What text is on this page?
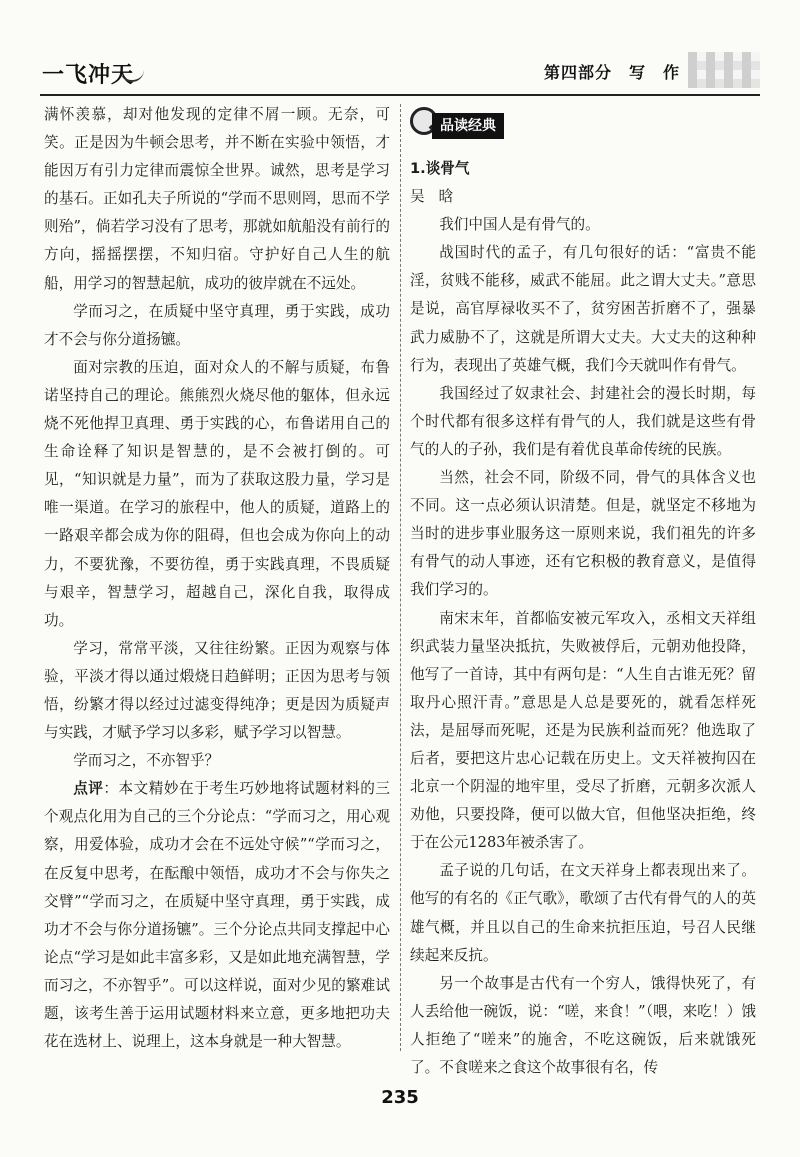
一飞冲天	第四部分　写　作

满怀羡慕，却对他发现的定律不屑一顾。无奈，可笑。正是因为牛顿会思考，并不断在实验中领悟，才能因万有引力定律而震惊全世界。诚然，思考是学习的基石。正如孔夫子所说的“学而不思则罔，思而不学则殆”，倘若学习没有了思考，那就如航船没有前行的方向，摇摇摆摆，不知归宿。守护好自己人生的航船，用学习的智慧起航，成功的彼岸就在不远处。

学而习之，在质疑中坚守真理，勇于实践，成功才不会与你分道扬镳。

面对宗教的压迫，面对众人的不解与质疑，布鲁诺坚持自己的理论。熊熊烈火烧尽他的躯体，但永远烧不死他捍卫真理、勇于实践的心，布鲁诺用自己的生命诠释了知识是智慧的，是不会被打倒的。可见，“知识就是力量”，而为了获取这股力量，学习是唯一渠道。在学习的旅程中，他人的质疑，道路上的一路艰辛都会成为你的阻碍，但也会成为你向上的动力，不要犹豫，不要彷徨，勇于实践真理，不畏质疑与艰辛，智慧学习，超越自己，深化自我，取得成功。

学习，常常平淡，又往往纷繁。正因为观察与体验，平淡才得以通过煅烧日趋鲜明；正因为思考与领悟，纷繁才得以经过过滤变得纯净；更是因为质疑声与实践，才赋予学习以多彩，赋予学习以智慧。

学而习之，不亦智乎？

点评：本文精妙在于考生巧妙地将试题材料的三个观点化用为自己的三个分论点：“学而习之，用心观察，用爱体验，成功才会在不远处守候”“学而习之，在反复中思考，在酝酿中领悟，成功才不会与你失之交臂”“学而习之，在质疑中坚守真理，勇于实践，成功才不会与你分道扬镳”。三个分论点共同支撑起中心论点“学习是如此丰富多彩，又是如此地充满智慧，学而习之，不亦智乎”。可以这样说，面对少见的繁难试题，该考生善于运用试题材料来立意，更多地把功夫花在选材上、说理上，这本身就是一种大智慧。

品读经典

1.谈骨气

吴晗

我们中国人是有骨气的。

战国时代的孟子，有几句很好的话：“富贵不能淫，贫贱不能移，威武不能屈。此之谓大丈夫。”意思是说，高官厚禄收买不了，贫穷困苦折磨不了，强暴武力威胁不了，这就是所谓大丈夫。大丈夫的这种种行为，表现出了英雄气概，我们今天就叫作有骨气。

我国经过了奴隶社会、封建社会的漫长时期，每个时代都有很多这样有骨气的人，我们就是这些有骨气的人的子孙，我们是有着优良革命传统的民族。

当然，社会不同，阶级不同，骨气的具体含义也不同。这一点必须认识清楚。但是，就坚定不移地为当时的进步事业服务这一原则来说，我们祖先的许多有骨气的动人事迹，还有它积极的教育意义，是值得我们学习的。

南宋末年，首都临安被元军攻入，丞相文天祥组织武装力量坚决抵抗，失败被俘后，元朝劝他投降，他写了一首诗，其中有两句是：“人生自古谁无死？留取丹心照汗青。”意思是人总是要死的，就看怎样死法，是屈辱而死呢，还是为民族利益而死？他选取了后者，要把这片忠心记载在历史上。文天祥被拘囚在北京一个阴湿的地牢里，受尽了折磨，元朝多次派人劝他，只要投降，便可以做大官，但他坚决拒绝，终于在公元1283年被杀害了。

孟子说的几句话，在文天祥身上都表现出来了。他写的有名的《正气歌》，歌颂了古代有骨气的人的英雄气概，并且以自己的生命来抗拒压迫，号召人民继续起来反抗。

另一个故事是古代有一个穷人，饿得快死了，有人丢给他一碗饭，说：“嗟，来食！”（喂，来吃！）饿人拒绝了“嗟来”的施舍，不吃这碗饭，后来就饿死了。不食嗟来之食这个故事很有名，传

235
